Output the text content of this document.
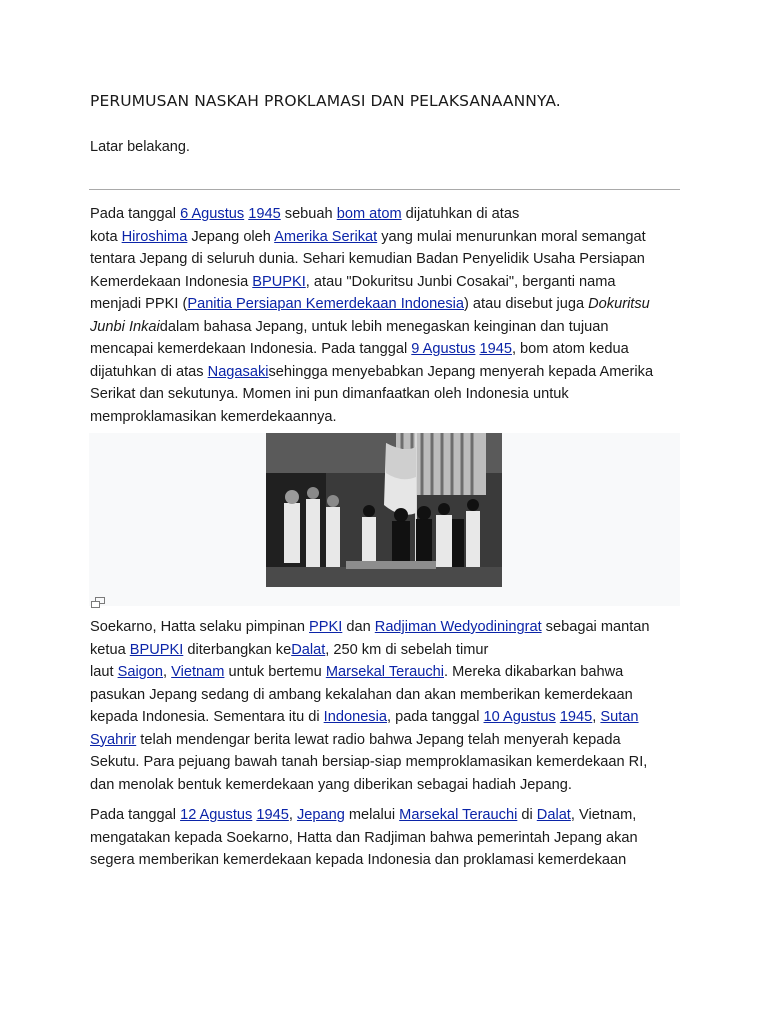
PERUMUSAN NASKAH PROKLAMASI DAN PELAKSANAANNYA.
Latar belakang.
Pada tanggal 6 Agustus 1945 sebuah bom atom dijatuhkan di atas
kota Hiroshima Jepang oleh Amerika Serikat yang mulai menurunkan moral semangat
tentara Jepang di seluruh dunia. Sehari kemudian Badan Penyelidik Usaha Persiapan
Kemerdekaan Indonesia BPUPKI, atau "Dokuritsu Junbi Cosakai", berganti nama
menjadi PPKI (Panitia Persiapan Kemerdekaan Indonesia) atau disebut juga Dokuritsu
Junbi Inkaidalam bahasa Jepang, untuk lebih menegaskan keinginan dan tujuan
mencapai kemerdekaan Indonesia. Pada tanggal 9 Agustus 1945, bom atom kedua
dijatuhkan di atas Nagasakisehingga menyebabkan Jepang menyerah kepada Amerika
Serikat dan sekutunya. Momen ini pun dimanfaatkan oleh Indonesia untuk
memproklamasikan kemerdekaannya.
Soekarno, Hatta selaku pimpinan PPKI dan Radjiman Wedyodiningrat sebagai mantan
ketua BPUPKI diterbangkan keDalat, 250 km di sebelah timur
laut Saigon, Vietnam untuk bertemu Marsekal Terauchi. Mereka dikabarkan bahwa
pasukan Jepang sedang di ambang kekalahan dan akan memberikan kemerdekaan
kepada Indonesia. Sementara itu di Indonesia, pada tanggal 10 Agustus 1945, Sutan
Syahrir telah mendengar berita lewat radio bahwa Jepang telah menyerah kepada
Sekutu. Para pejuang bawah tanah bersiap-siap memproklamasikan kemerdekaan RI,
dan menolak bentuk kemerdekaan yang diberikan sebagai hadiah Jepang.
Pada tanggal 12 Agustus 1945, Jepang melalui Marsekal Terauchi di Dalat, Vietnam,
mengatakan kepada Soekarno, Hatta dan Radjiman bahwa pemerintah Jepang akan
segera memberikan kemerdekaan kepada Indonesia dan proklamasi kemerdekaan
